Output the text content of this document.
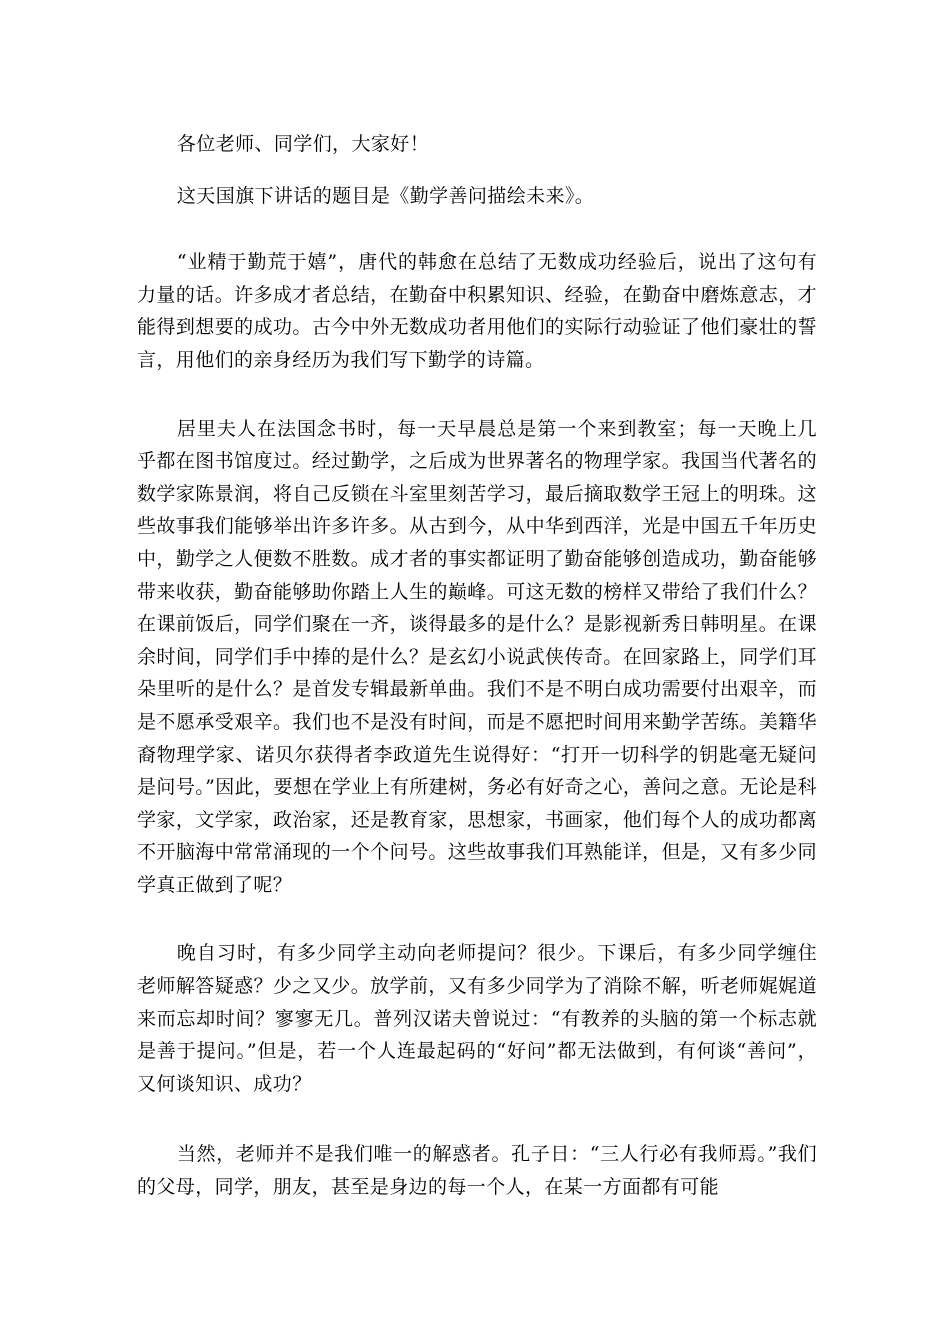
各位老师、同学们，大家好！

这天国旗下讲话的题目是《勤学善问描绘未来》。

“业精于勤荒于嬉”，唐代的韩愈在总结了无数成功经验后，说出了这句有力量的话。许多成才者总结，在勤奋中积累知识、经验，在勤奋中磨炼意志，才能得到想要的成功。古今中外无数成功者用他们的实际行动验证了他们豪壮的誓言，用他们的亲身经历为我们写下勤学的诗篇。

居里夫人在法国念书时，每一天早晨总是第一个来到教室；每一天晚上几乎都在图书馆度过。经过勤学，之后成为世界著名的物理学家。我国当代著名的数学家陈景润，将自己反锁在斗室里刻苦学习，最后摘取数学王冠上的明珠。这些故事我们能够举出许多许多。从古到今，从中华到西洋，光是中国五千年历史中，勤学之人便数不胜数。成才者的事实都证明了勤奋能够创造成功，勤奋能够带来收获，勤奋能够助你踏上人生的巅峰。可这无数的榜样又带给了我们什么？在课前饭后，同学们聚在一齐，谈得最多的是什么？是影视新秀日韩明星。在课余时间，同学们手中捧的是什么？是玄幻小说武侠传奇。在回家路上，同学们耳朵里听的是什么？是首发专辑最新单曲。我们不是不明白成功需要付出艰辛，而是不愿承受艰辛。我们也不是没有时间，而是不愿把时间用来勤学苦练。美籍华裔物理学家、诺贝尔获得者李政道先生说得好：“打开一切科学的钥匙毫无疑问是问号。”因此，要想在学业上有所建树，务必有好奇之心，善问之意。无论是科学家，文学家，政治家，还是教育家，思想家，书画家，他们每个人的成功都离不开脑海中常常涌现的一个个问号。这些故事我们耳熟能详，但是，又有多少同学真正做到了呢？

晚自习时，有多少同学主动向老师提问？很少。下课后，有多少同学缠住老师解答疑惑？少之又少。放学前，又有多少同学为了消除不解，听老师娓娓道来而忘却时间？寥寥无几。普列汉诺夫曾说过：“有教养的头脑的第一个标志就是善于提问。”但是，若一个人连最起码的“好问”都无法做到，有何谈“善问”，又何谈知识、成功？

当然，老师并不是我们唯一的解惑者。孔子日：“三人行必有我师焉。”我们的父母，同学，朋友，甚至是身边的每一个人，在某一方面都有可能
